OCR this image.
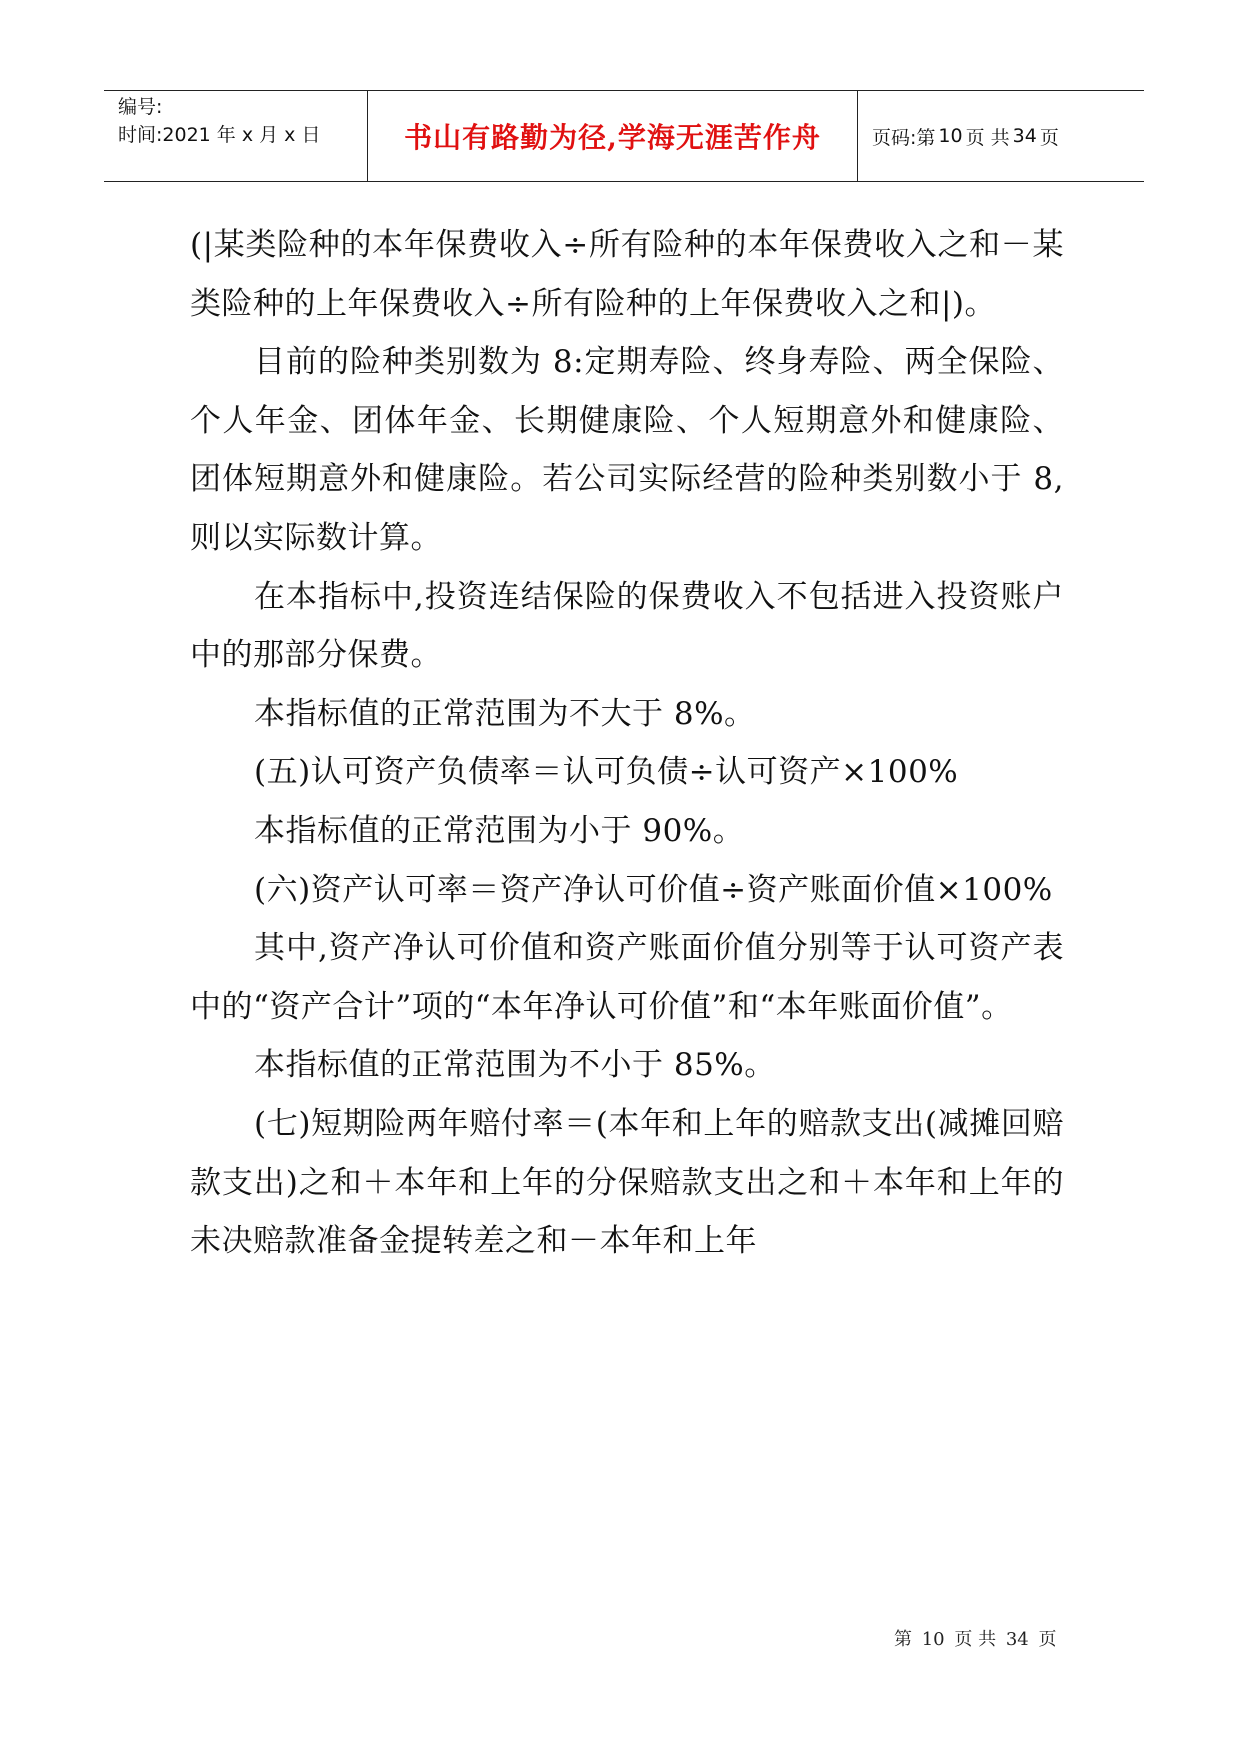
编号:
时间:2021 年 x 月 x 日	书山有路勤为径,学海无涯苦作舟	页码:第 10 页 共 34 页

(|某类险种的本年保费收入÷所有险种的本年保费收入之和－某类险种的上年保费收入÷所有险种的上年保费收入之和|)。

目前的险种类别数为 8:定期寿险、终身寿险、两全保险、个人年金、团体年金、长期健康险、个人短期意外和健康险、团体短期意外和健康险。若公司实际经营的险种类别数小于 8,则以实际数计算。

在本指标中,投资连结保险的保费收入不包括进入投资账户中的那部分保费。

本指标值的正常范围为不大于 8%。

(五)认可资产负债率＝认可负债÷认可资产×100%

本指标值的正常范围为小于 90%。

(六)资产认可率＝资产净认可价值÷资产账面价值×100%

其中,资产净认可价值和资产账面价值分别等于认可资产表中的“资产合计”项的“本年净认可价值”和“本年账面价值”。

本指标值的正常范围为不小于 85%。

(七)短期险两年赔付率＝(本年和上年的赔款支出(减摊回赔款支出)之和＋本年和上年的分保赔款支出之和＋本年和上年的未决赔款准备金提转差之和－本年和上年

第 10 页 共 34 页
